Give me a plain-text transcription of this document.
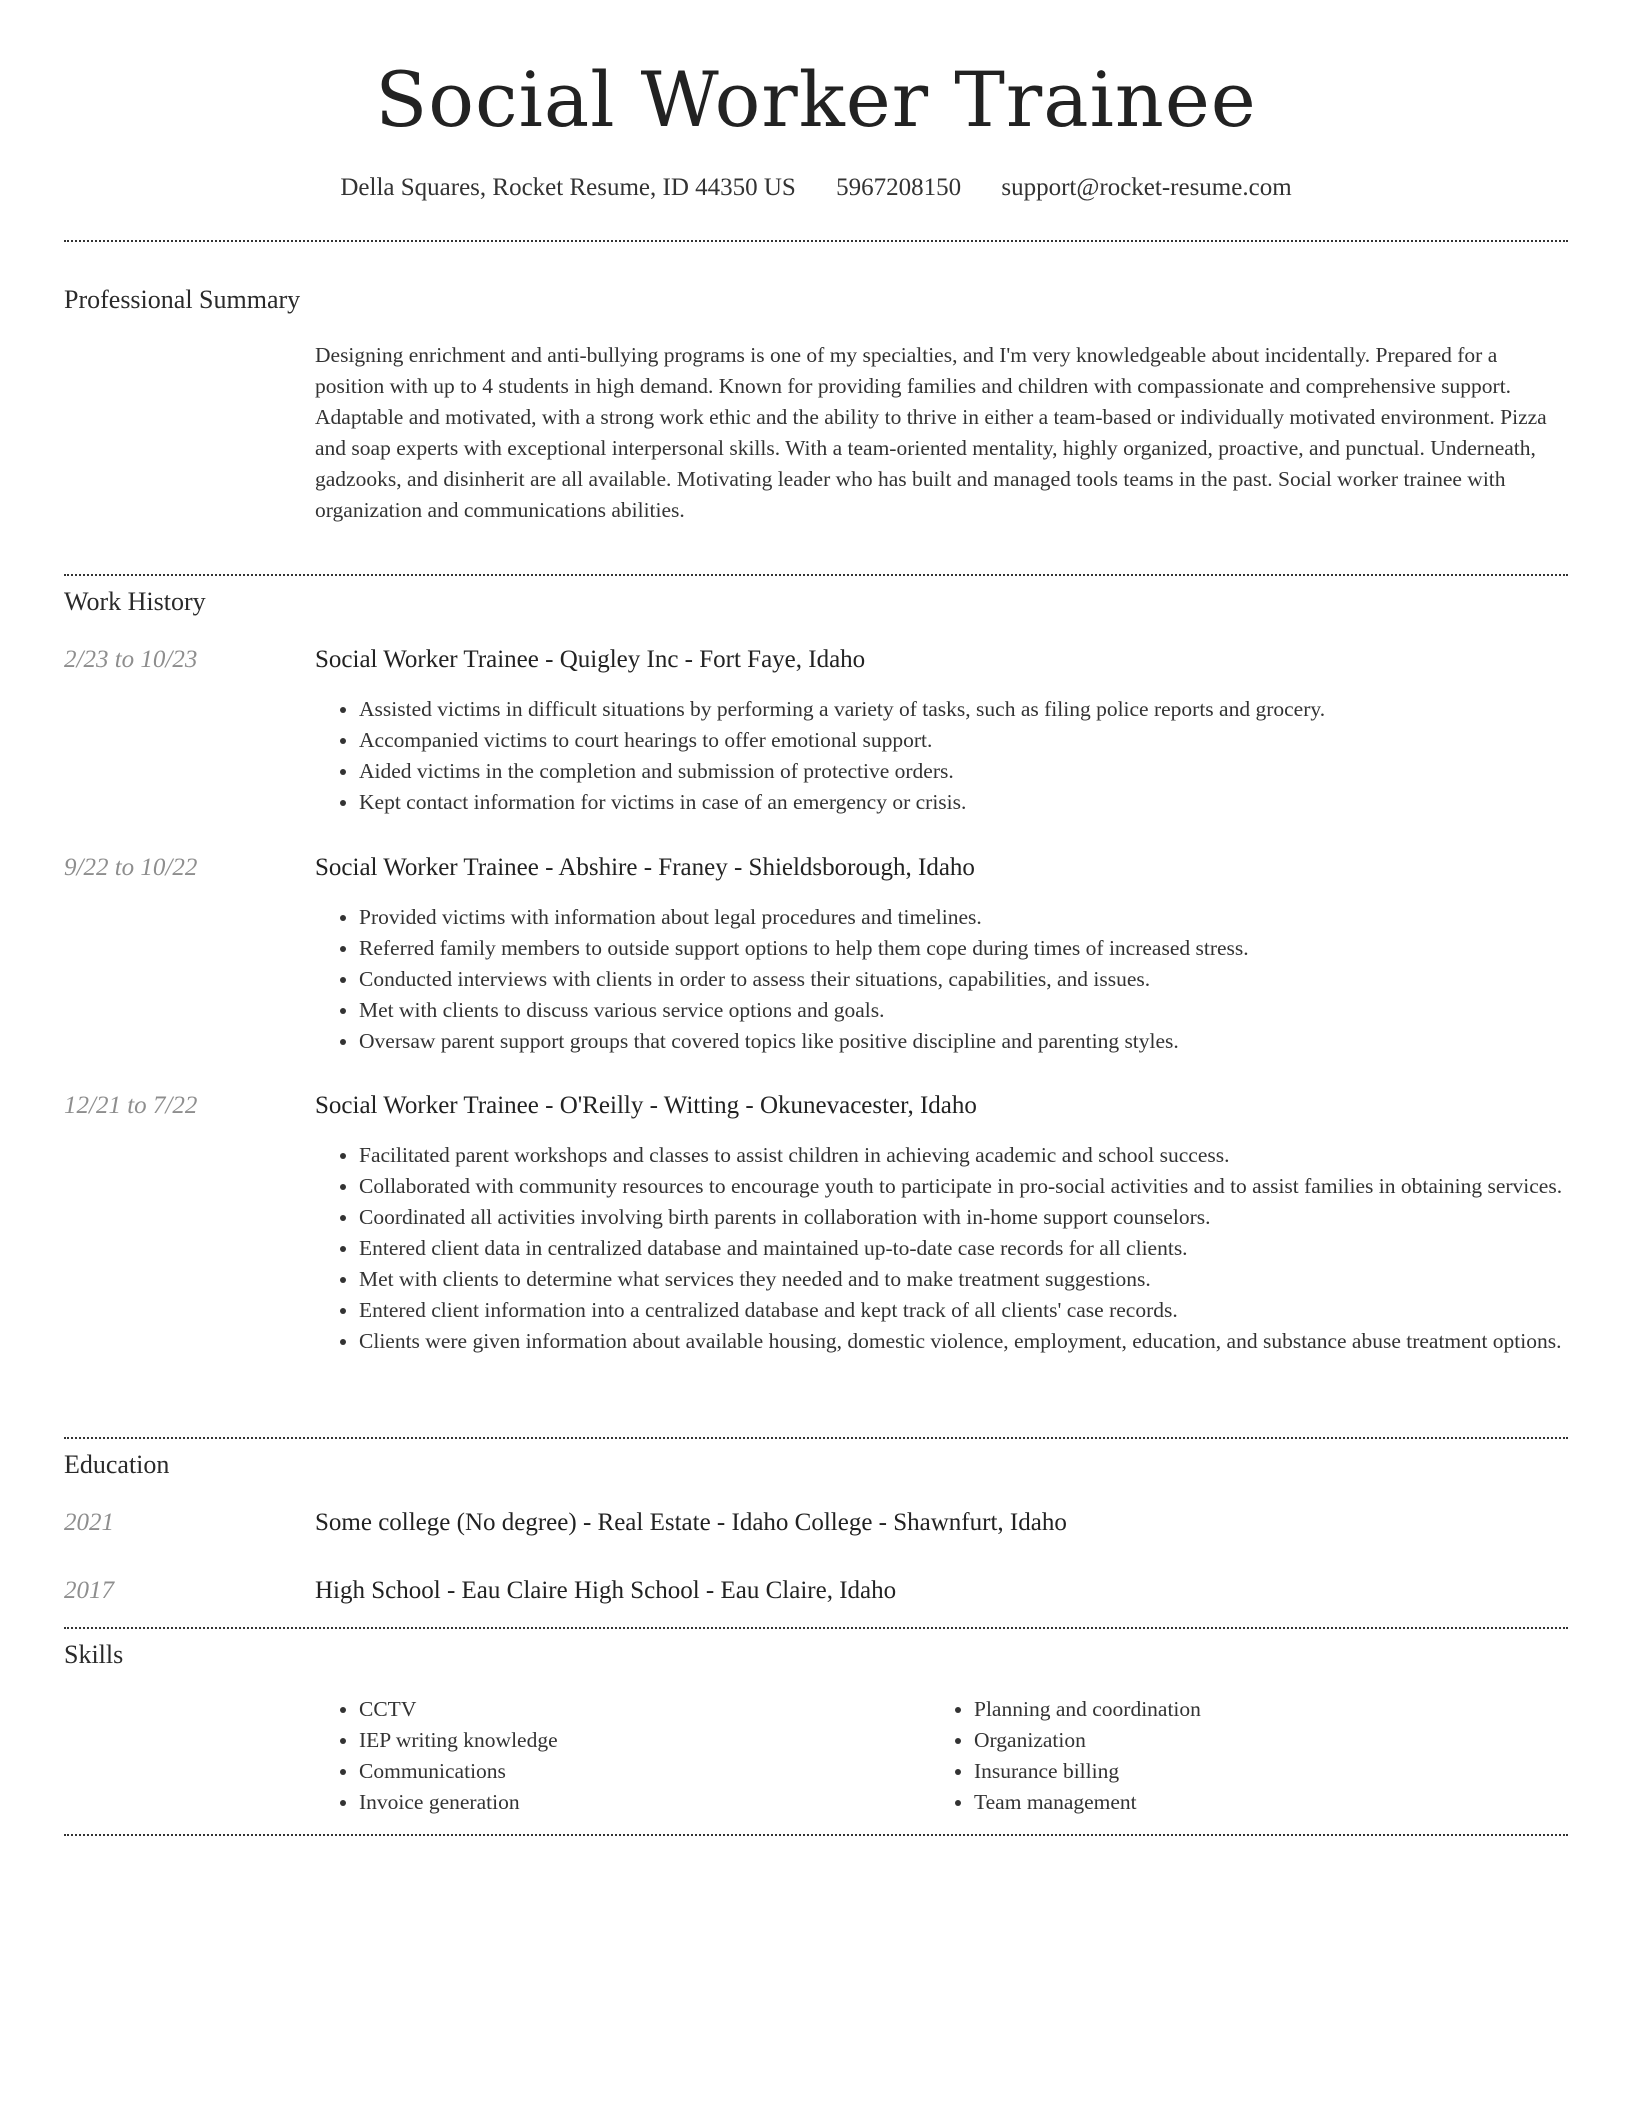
Social Worker Trainee
Della Squares, Rocket Resume, ID 44350 US 5967208150 support@rocket-resume.com
Professional Summary
Designing enrichment and anti-bullying programs is one of my specialties, and I'm very knowledgeable about incidentally. Prepared for a position with up to 4 students in high demand. Known for providing families and children with compassionate and comprehensive support. Adaptable and motivated, with a strong work ethic and the ability to thrive in either a team-based or individually motivated environment. Pizza and soap experts with exceptional interpersonal skills. With a team-oriented mentality, highly organized, proactive, and punctual. Underneath, gadzooks, and disinherit are all available. Motivating leader who has built and managed tools teams in the past. Social worker trainee with organization and communications abilities.
Work History
2/23 to 10/23	Social Worker Trainee - Quigley Inc - Fort Faye, Idaho
• Assisted victims in difficult situations by performing a variety of tasks, such as filing police reports and grocery.
• Accompanied victims to court hearings to offer emotional support.
• Aided victims in the completion and submission of protective orders.
• Kept contact information for victims in case of an emergency or crisis.
9/22 to 10/22	Social Worker Trainee - Abshire - Franey - Shieldsborough, Idaho
• Provided victims with information about legal procedures and timelines.
• Referred family members to outside support options to help them cope during times of increased stress.
• Conducted interviews with clients in order to assess their situations, capabilities, and issues.
• Met with clients to discuss various service options and goals.
• Oversaw parent support groups that covered topics like positive discipline and parenting styles.
12/21 to 7/22	Social Worker Trainee - O'Reilly - Witting - Okunevacester, Idaho
• Facilitated parent workshops and classes to assist children in achieving academic and school success.
• Collaborated with community resources to encourage youth to participate in pro-social activities and to assist families in obtaining services.
• Coordinated all activities involving birth parents in collaboration with in-home support counselors.
• Entered client data in centralized database and maintained up-to-date case records for all clients.
• Met with clients to determine what services they needed and to make treatment suggestions.
• Entered client information into a centralized database and kept track of all clients' case records.
• Clients were given information about available housing, domestic violence, employment, education, and substance abuse treatment options.
Education
2021	Some college (No degree) - Real Estate - Idaho College - Shawnfurt, Idaho
2017	High School - Eau Claire High School - Eau Claire, Idaho
Skills
• CCTV
• IEP writing knowledge
• Communications
• Invoice generation
• Planning and coordination
• Organization
• Insurance billing
• Team management
